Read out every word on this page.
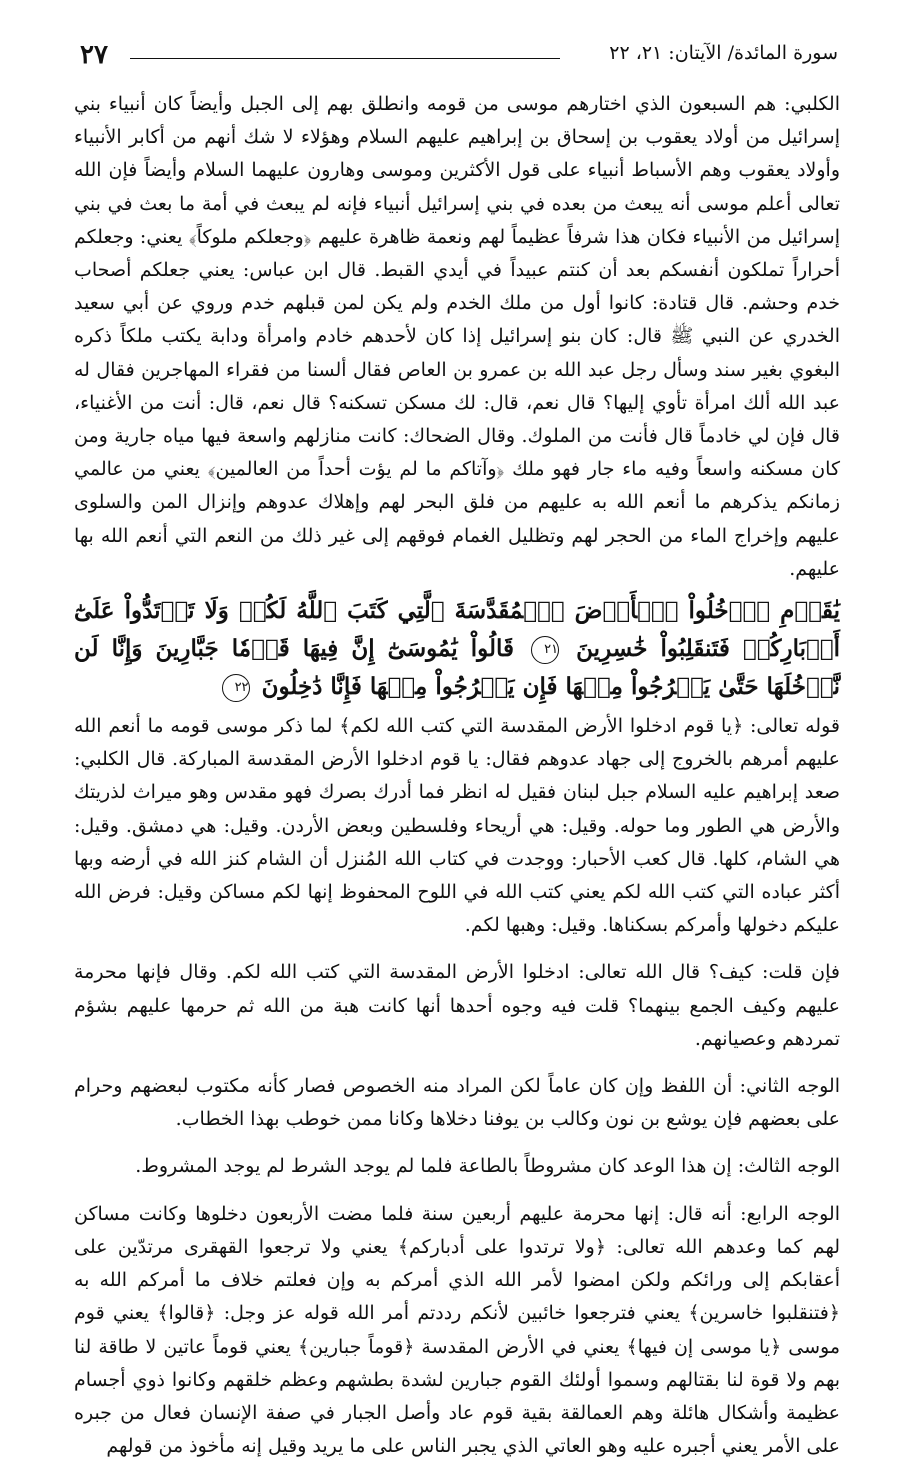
سورة المائدة/ الآيتان: ٢١، ٢٢
٢٧

الكلبي: هم السبعون الذي اختارهم موسى من قومه وانطلق بهم إلى الجبل وأيضاً كان أنبياء بني إسرائيل من أولاد يعقوب بن إسحاق بن إبراهيم عليهم السلام وهؤلاء لا شك أنهم من أكابر الأنبياء وأولاد يعقوب وهم الأسباط أنبياء على قول الأكثرين وموسى وهارون عليهما السلام وأيضاً فإن الله تعالى أعلم موسى أنه يبعث من بعده في بني إسرائيل أنبياء فإنه لم يبعث في أمة ما بعث في بني إسرائيل من الأنبياء فكان هذا شرفاً عظيماً لهم ونعمة ظاهرة عليهم ﴿وجعلكم ملوكاً﴾ يعني: وجعلكم أحراراً تملكون أنفسكم بعد أن كنتم عبيداً في أيدي القبط. قال ابن عباس: يعني جعلكم أصحاب خدم وحشم. قال قتادة: كانوا أول من ملك الخدم ولم يكن لمن قبلهم خدم وروي عن أبي سعيد الخدري عن النبي ﷺ قال: كان بنو إسرائيل إذا كان لأحدهم خادم وامرأة ودابة يكتب ملكاً ذكره البغوي بغير سند وسأل رجل عبد الله بن عمرو بن العاص فقال ألسنا من فقراء المهاجرين فقال له عبد الله ألك امرأة تأوي إليها؟ قال نعم، قال: لك مسكن تسكنه؟ قال نعم، قال: أنت من الأغنياء، قال فإن لي خادماً قال فأنت من الملوك. وقال الضحاك: كانت منازلهم واسعة فيها مياه جارية ومن كان مسكنه واسعاً وفيه ماء جار فهو ملك ﴿وآتاكم ما لم يؤت أحداً من العالمين﴾ يعني من عالمي زمانكم يذكرهم ما أنعم الله به عليهم من فلق البحر لهم وإهلاك عدوهم وإنزال المن والسلوى عليهم وإخراج الماء من الحجر لهم وتظليل الغمام فوقهم إلى غير ذلك من النعم التي أنعم الله بها عليهم.

يَٰقَوۡمِ ٱدۡخُلُواْ ٱلۡأَرۡضَ ٱلۡمُقَدَّسَةَ ٱلَّتِي كَتَبَ ٱللَّهُ لَكُمۡ وَلَا تَرۡتَدُّواْ عَلَىٰٓ أَدۡبَارِكُمۡ فَتَنقَلِبُواْ خَٰسِرِينَ ٢١ قَالُواْ يَٰمُوسَىٰٓ إِنَّ فِيهَا قَوۡمٗا جَبَّارِينَ وَإِنَّا لَن نَّدۡخُلَهَا حَتَّىٰ يَخۡرُجُواْ مِنۡهَا فَإِن يَخۡرُجُواْ مِنۡهَا فَإِنَّا دَٰخِلُونَ ٢٢

قوله تعالى: ﴿يا قوم ادخلوا الأرض المقدسة التي كتب الله لكم﴾ لما ذكر موسى قومه ما أنعم الله عليهم أمرهم بالخروج إلى جهاد عدوهم فقال: يا قوم ادخلوا الأرض المقدسة المباركة. قال الكلبي: صعد إبراهيم عليه السلام جبل لبنان فقيل له انظر فما أدرك بصرك فهو مقدس وهو ميراث لذريتك والأرض هي الطور وما حوله. وقيل: هي أريحاء وفلسطين وبعض الأردن. وقيل: هي دمشق. وقيل: هي الشام، كلها. قال كعب الأحبار: ووجدت في كتاب الله المُنزل أن الشام كنز الله في أرضه وبها أكثر عباده التي كتب الله لكم يعني كتب الله في اللوح المحفوظ إنها لكم مساكن وقيل: فرض الله عليكم دخولها وأمركم بسكناها. وقيل: وهبها لكم.

فإن قلت: كيف؟ قال الله تعالى: ادخلوا الأرض المقدسة التي كتب الله لكم. وقال فإنها محرمة عليهم وكيف الجمع بينهما؟ قلت فيه وجوه أحدها أنها كانت هبة من الله ثم حرمها عليهم بشؤم تمردهم وعصيانهم.

الوجه الثاني: أن اللفظ وإن كان عاماً لكن المراد منه الخصوص فصار كأنه مكتوب لبعضهم وحرام على بعضهم فإن يوشع بن نون وكالب بن يوفنا دخلاها وكانا ممن خوطب بهذا الخطاب.

الوجه الثالث: إن هذا الوعد كان مشروطاً بالطاعة فلما لم يوجد الشرط لم يوجد المشروط.

الوجه الرابع: أنه قال: إنها محرمة عليهم أربعين سنة فلما مضت الأربعون دخلوها وكانت مساكن لهم كما وعدهم الله تعالى: ﴿ولا ترتدوا على أدباركم﴾ يعني ولا ترجعوا القهقرى مرتدّين على أعقابكم إلى ورائكم ولكن امضوا لأمر الله الذي أمركم به وإن فعلتم خلاف ما أمركم الله به ﴿فتنقلبوا خاسرين﴾ يعني فترجعوا خائبين لأنكم رددتم أمر الله قوله عز وجل: ﴿قالوا﴾ يعني قوم موسى ﴿يا موسى إن فيها﴾ يعني في الأرض المقدسة ﴿قوماً جبارين﴾ يعني قوماً عاتين لا طاقة لنا بهم ولا قوة لنا بقتالهم وسموا أولئك القوم جبارين لشدة بطشهم وعظم خلقهم وكانوا ذوي أجسام عظيمة وأشكال هائلة وهم العمالقة بقية قوم عاد وأصل الجبار في صفة الإنسان فعال من جبره على الأمر يعني أجبره عليه وهو العاتي الذي يجبر الناس على ما يريد وقيل إنه مأخوذ من قولهم
